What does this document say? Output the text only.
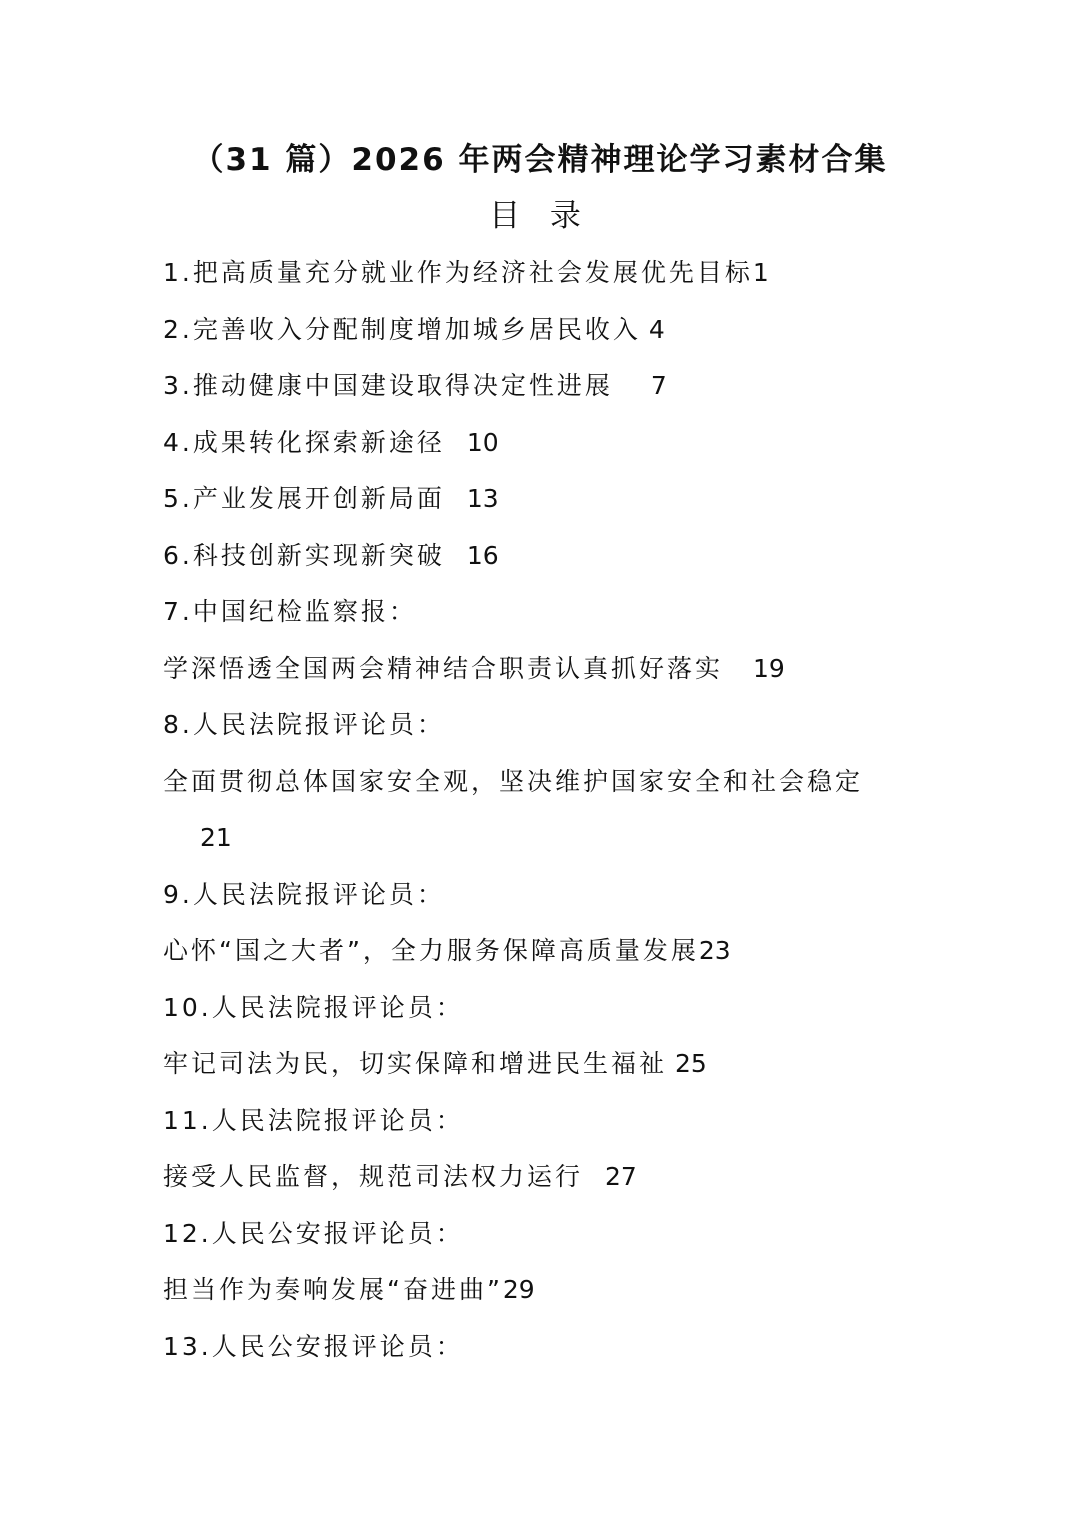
（31 篇）2026 年两会精神理论学习素材合集
目 录
1.把高质量充分就业作为经济社会发展优先目标1
2.完善收入分配制度增加城乡居民收入 4
3.推动健康中国建设取得决定性进展 7
4.成果转化探索新途径 10
5.产业发展开创新局面 13
6.科技创新实现新突破 16
7.中国纪检监察报：
学深悟透全国两会精神结合职责认真抓好落实 19
8.人民法院报评论员：
全面贯彻总体国家安全观，坚决维护国家安全和社会稳定
21
9.人民法院报评论员：
心怀“国之大者”，全力服务保障高质量发展23
10.人民法院报评论员：
牢记司法为民，切实保障和增进民生福祉 25
11.人民法院报评论员：
接受人民监督，规范司法权力运行 27
12.人民公安报评论员：
担当作为奏响发展“奋进曲”29
13.人民公安报评论员：
